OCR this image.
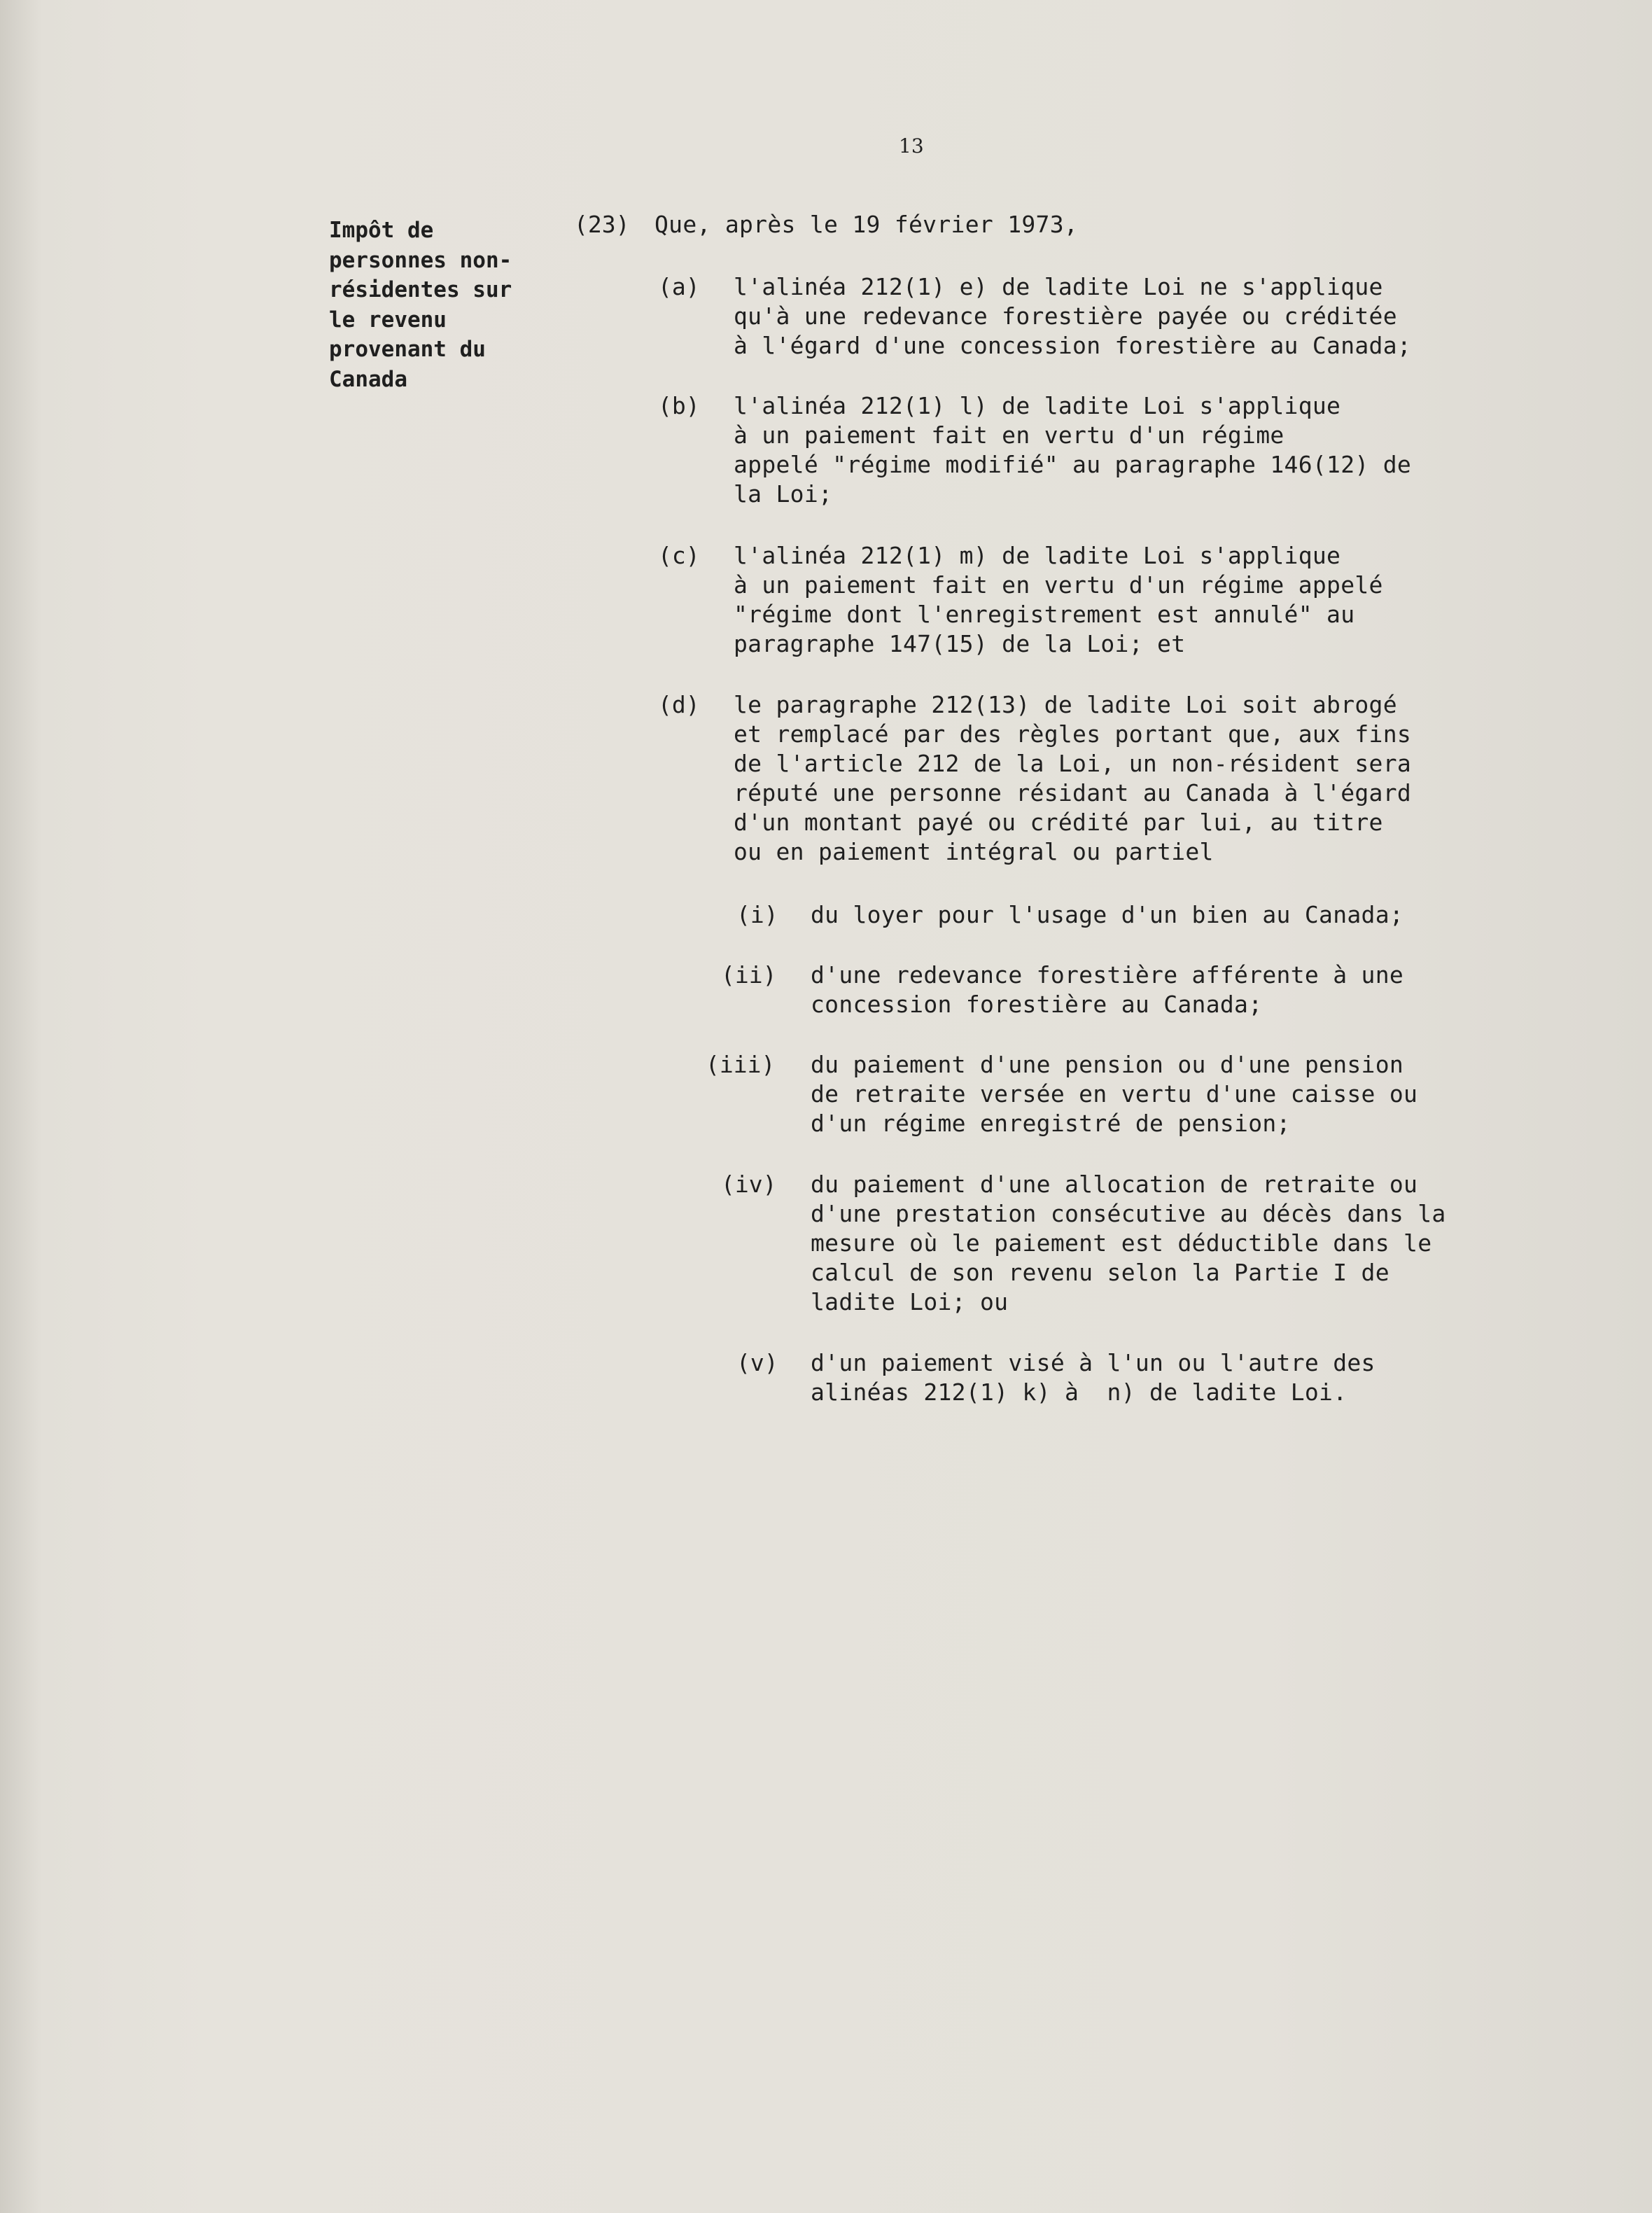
13
Impôt de
personnes non-
résidentes sur
le revenu
provenant du
Canada
(23) Que, après le 19 février 1973,
(a) l'alinéa 212(1) e) de ladite Loi ne s'applique
qu'à une redevance forestière payée ou créditée
à l'égard d'une concession forestière au Canada;
(b) l'alinéa 212(1) l) de ladite Loi s'applique
à un paiement fait en vertu d'un régime
appelé "régime modifié" au paragraphe 146(12) de
la Loi;
(c) l'alinéa 212(1) m) de ladite Loi s'applique
à un paiement fait en vertu d'un régime appelé
"régime dont l'enregistrement est annulé" au
paragraphe 147(15) de la Loi; et
(d) le paragraphe 212(13) de ladite Loi soit abrogé
et remplacé par des règles portant que, aux fins
de l'article 212 de la Loi, un non-résident sera
réputé une personne résidant au Canada à l'égard
d'un montant payé ou crédité par lui, au titre
ou en paiement intégral ou partiel
(i) du loyer pour l'usage d'un bien au Canada;
(ii) d'une redevance forestière afférente à une
concession forestière au Canada;
(iii) du paiement d'une pension ou d'une pension
de retraite versée en vertu d'une caisse ou
d'un régime enregistré de pension;
(iv) du paiement d'une allocation de retraite ou
d'une prestation consécutive au décès dans la
mesure où le paiement est déductible dans le
calcul de son revenu selon la Partie I de
ladite Loi; ou
(v) d'un paiement visé à l'un ou l'autre des
alinéas 212(1) k) à  n) de ladite Loi.
